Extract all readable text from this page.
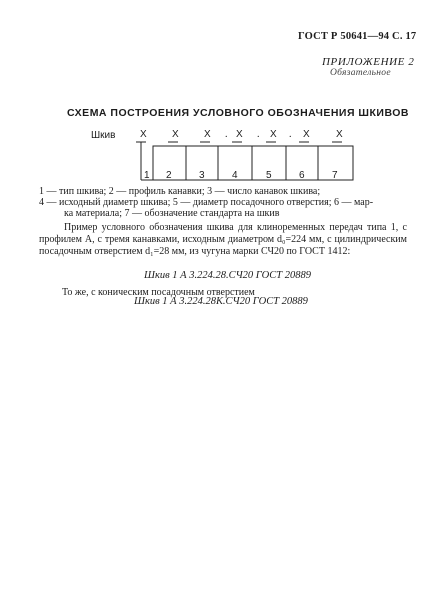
ГОСТ Р 50641—94 С. 17
ПРИЛОЖЕНИЕ 2
Обязательное
СХЕМА ПОСТРОЕНИЯ УСЛОВНОГО ОБОЗНАЧЕНИЯ ШКИВОВ
Шкив X	X	X	X	X	X	X
.	.	.
1 2	3	4	5	6	7

1 — тип шкива; 2 — профиль канавки; 3 — число канавок шкива;

4 — исходный диаметр шкива; 5 — диаметр посадочного отверстия; 6 — мар-

ка материала; 7 — обозначение стандарта на шкив

Пример условного обозначения шкива для клиноременных передач типа 1, с профилем А, с тремя канавками, исходным диаметром d₀=224 мм, с цилиндрическим посадочным отверстием d₁=28 мм, из чугуна марки СЧ20 по ГОСТ 1412:

Шкив 1 А 3.224.28.СЧ20 ГОСТ 20889
То же, с коническим посадочным отверстием
Шкив 1 А 3.224.28К.СЧ20 ГОСТ 20889
